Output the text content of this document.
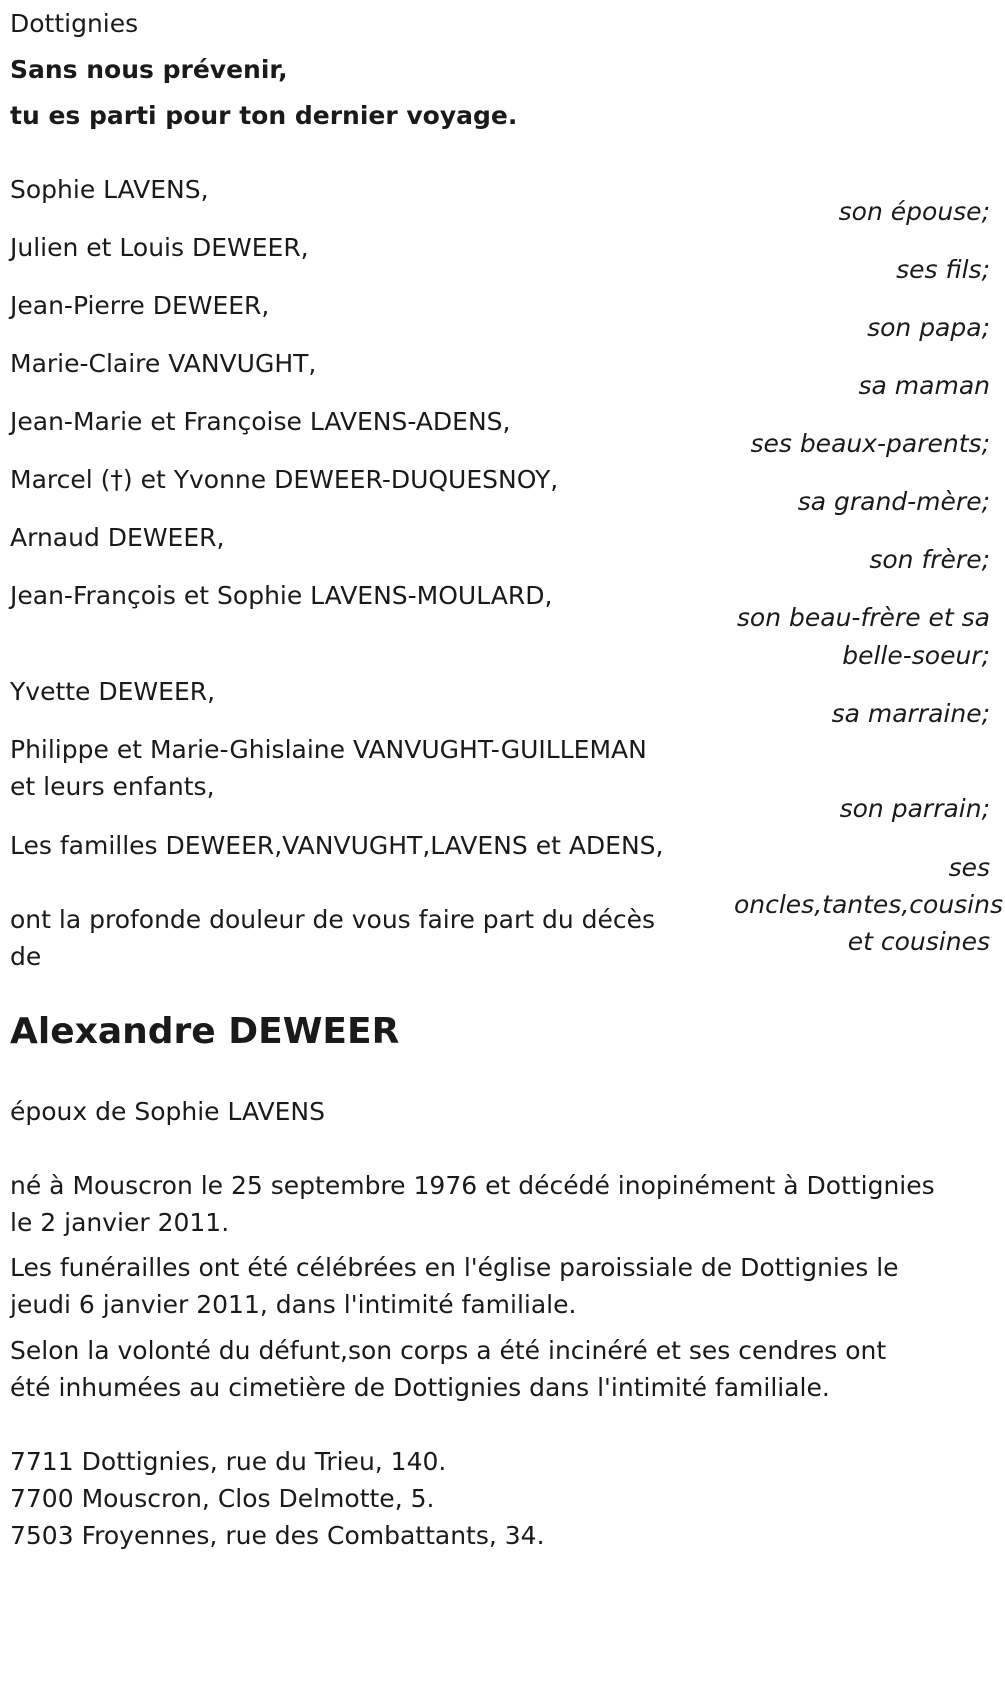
Dottignies
Sans nous prévenir,
tu es parti pour ton dernier voyage.
Sophie LAVENS,
son épouse;
Julien et Louis DEWEER,
ses fils;
Jean-Pierre DEWEER,
son papa;
Marie-Claire VANVUGHT,
sa maman
Jean-Marie et Françoise LAVENS-ADENS,
ses beaux-parents;
Marcel (†) et Yvonne DEWEER-DUQUESNOY,
sa grand-mère;
Arnaud DEWEER,
son frère;
Jean-François et Sophie LAVENS-MOULARD,
son beau-frère et sa
belle-soeur;
Yvette DEWEER,
sa marraine;
Philippe et Marie-Ghislaine VANVUGHT-GUILLEMAN
et leurs enfants,
son parrain;
Les familles DEWEER,VANVUGHT,LAVENS et ADENS,
ses
oncles,tantes,cousins
et cousines
ont la profonde douleur de vous faire part du décès
de
Alexandre DEWEER
époux de Sophie LAVENS
né à Mouscron le 25 septembre 1976 et décédé inopinément à Dottignies
le 2 janvier 2011.
Les funérailles ont été célébrées en l'église paroissiale de Dottignies le
jeudi 6 janvier 2011, dans l'intimité familiale.
Selon la volonté du défunt,son corps a été incinéré et ses cendres ont
été inhumées au cimetière de Dottignies dans l'intimité familiale.
7711 Dottignies, rue du Trieu, 140.
7700 Mouscron, Clos Delmotte, 5.
7503 Froyennes, rue des Combattants, 34.
